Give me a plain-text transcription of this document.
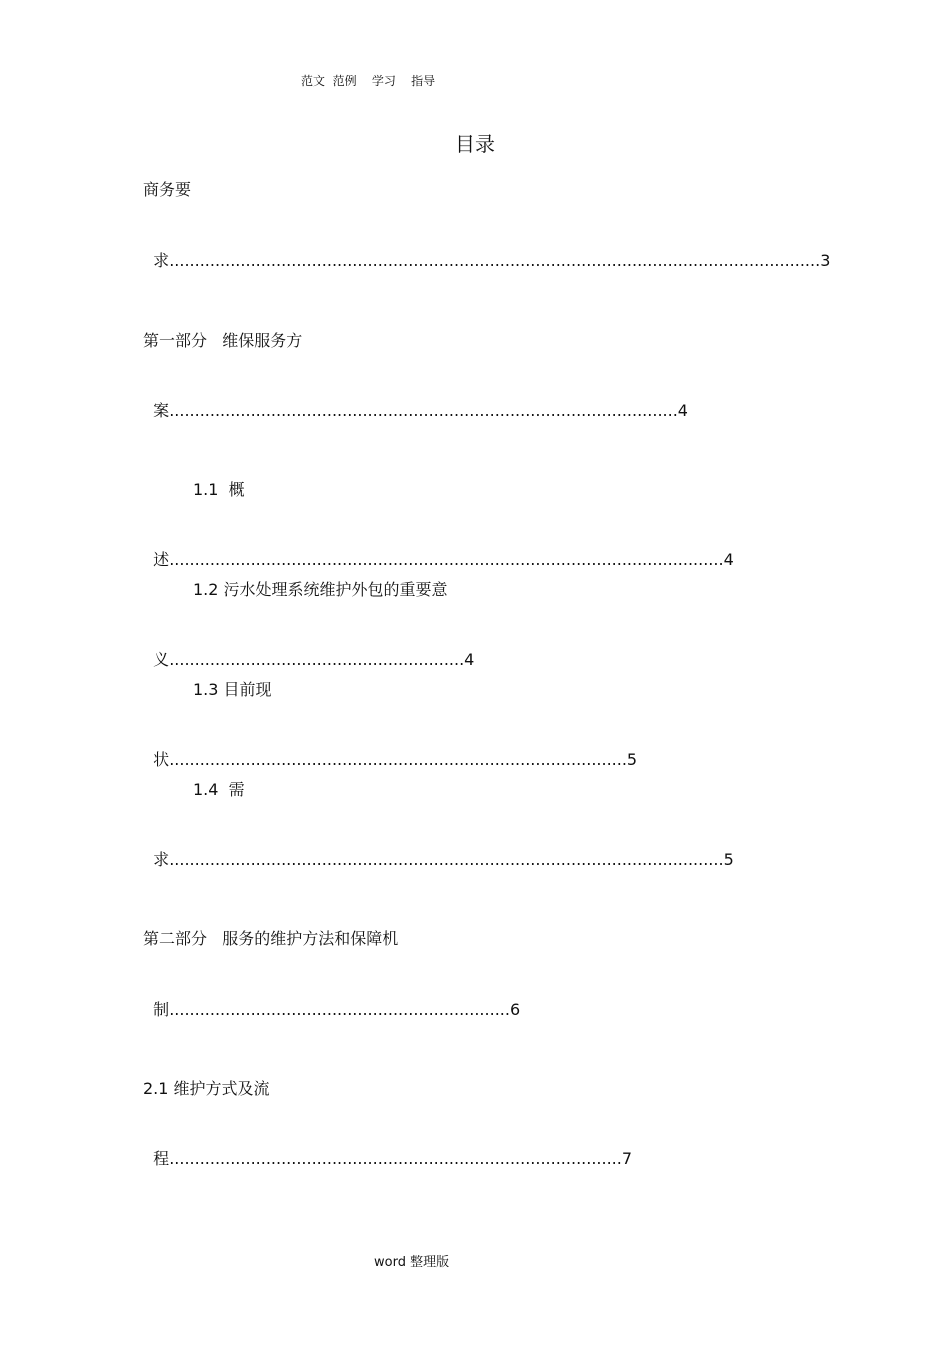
范文  范例    学习    指导
目录
商务要

求................................................................................................................................3

第一部分   维保服务方

案....................................................................................................4

1.1  概

述.............................................................................................................4

1.2 污水处理系统维护外包的重要意

义..........................................................4

1.3 目前现

状..........................................................................................5

1.4  需

求.............................................................................................................5

第二部分   服务的维护方法和保障机

制...................................................................6

2.1 维护方式及流

程.........................................................................................7

word 整理版
